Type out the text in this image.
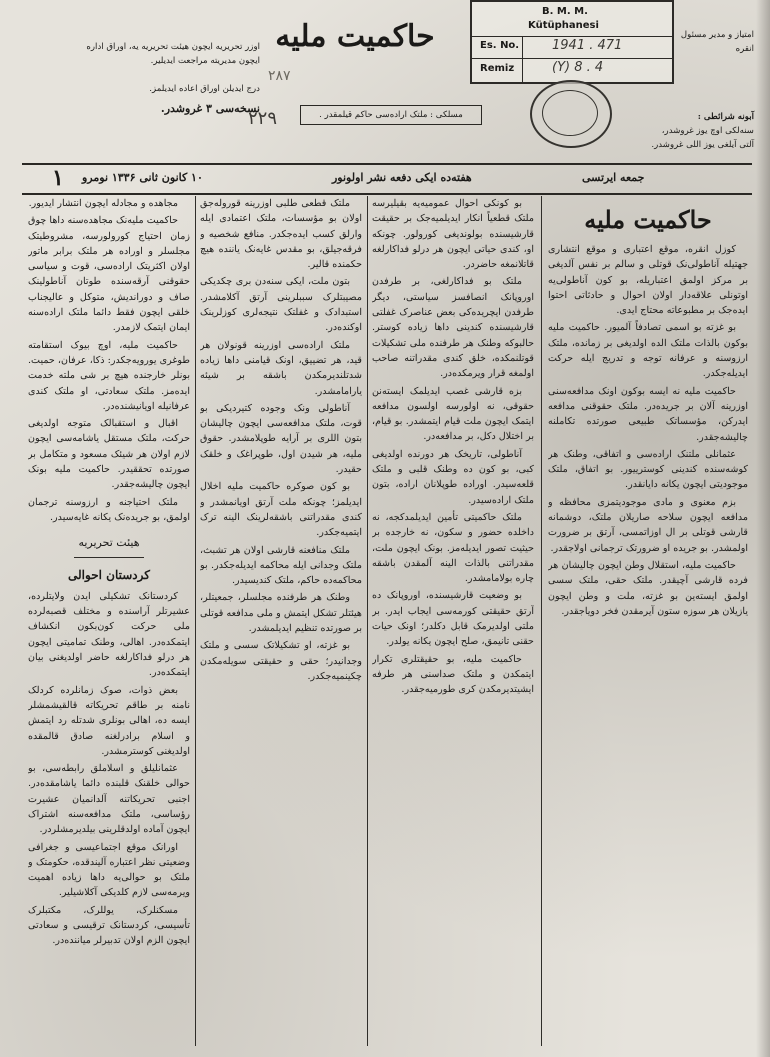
اوزر تحریریه ایچون هیئت تحریریه یه، اوراق اداره
ایچون مدیریته مراجعت ایدیلیر.
درج ایدیلن اوراق اعاده ایدیلمز.
نسخه‌سی ۳ غروشدر.
حاکمیت ملیه
٢٨٧
٢٢٩	مسلکی : ملتک اراده‌سی حاکم قیلمقدر .
امتیاز و مدیر مسئول
انقره
آبونه شرائطی :
سنه‌لکی اوچ یوز غروشدر،
آلتی آیلغی یوز اللی غروشدر.
B. M. M.
Kütüphanesi
Es. No.	1941 . 471
Remiz	(Y) 8 . 4
۱ ۱۰ کانون ثانی ۱۳۳۶ نومرو	هفته‌ده ایکی دفعه نشر اولونور	جمعه ایرتسی
حاکمیت ملیه

کوزل انقره، موقع اعتباری و موقع انتشاری جهتیله آناطولی‌نک قوتلی و سالم بر نفس آلدیغی بر مرکز اولمق اعتباریله، بو کون آناطولی‌یه اوتونلی علاقه‌دار اولان احوال و حادثاتی احتوا ایده‌جک بر مطبوعاته محتاج ایدی.

بو غزته بو اسمی تصادفاً آلمیور. حاکمیت ملیه بوکون بالذات ملتک الده اولدیغی بر زمانده، ملتک ارزوسنه و عرفانه توجه و تدریج ایله حرکت ایدیله‌جکدر.

حاکمیت ملیه نه ایسه بوکون اونک مدافعه‌سنی اوزرینه آلان بر جریده‌در. ملتک حقوقنی مدافعه ایدرکن، مؤسساتک طبیعی صورتده تکاملنه چالیشه‌جقدر.

عثمانلی ملتنک اراده‌سی و اتفاقی، وطنک هر کوشه‌سنده کندینی کوسترییور. بو اتفاق، ملتک موجودیتی ایچون یکانه دایانقدر.

بزم معنوی و مادی موجودیتمزی محافظه و مدافعه ایچون سلاحه صاریلان ملتک، دوشمانه قارشی قوتلی بر ال اوزاتمسی، آرتق بر ضرورت اولمشدر. بو جریده او ضرورتک ترجمانی اولاجقدر.

حاکمیت ملیه، استقلال وطن ایچون چالیشان هر فرده قارشی آچیقدر. ملتک حقی، ملتک سسی اولمق ایسته‌ین بو غزته، ملت و وطن ایچون یازیلان هر سوزه ستون آیرمقدن فخر دویاجقدر.

بو کونکی احوال عمومیه‌یه بقیلیرسه ملتک قطعیاً انکار ایدیلمیه‌جک بر حقیقت قارشیسنده بولوندیغی کورولور. چونکه او، کندی حیاتی ایچون هر درلو فداکارلغه قاتلانمغه حاضردر.

ملتک بو فداکارلغی، بر طرفدن اوروپانک انصافسز سیاستی، دیگر طرفدن ایچریده‌کی بعض عناصرک غفلتی قارشیسنده کندینی داها زیاده کوستر. حالبوکه وطنک هر طرفنده ملی تشکیلات قوتلنمکده، خلق کندی مقدراتنه صاحب اولمغه قرار ویرمکده‌در.

بزه قارشی غصب ایدیلمک ایسته‌نن حقوقی، نه اولورسه اولسون مدافعه ایتمک ایچون ملت قیام ایتمشدر. بو قیام، بر اختلال دکل، بر مدافعه‌در.

آناطولی، تاریخک هر دورنده اولدیغی کبی، بو کون ده وطنک قلبی و ملتک قلعه‌سیدر. اوراده طوپلانان اراده، بتون ملتک اراده‌سیدر.

ملتک حاکمیتی تأمین ایدیلمدکجه، نه داخلده حضور و سکون، نه خارجده بر حیثیت تصور ایدیله‌مز. بونک ایچون ملت، مقدراتنی بالذات الینه آلمقدن باشقه چاره بولامامشدر.

بو وضعیت قارشیسنده، اوروپانک ده آرتق حقیقتی کورمه‌سی ایجاب ایدر. بر ملتی اولدیرمک قابل دکلدر؛ اونک حیات حقنی تانیمق، صلح ایچون یکانه یولدر.

حاکمیت ملیه، بو حقیقتلری تکرار ایتمکدن و ملتک صداسنی هر طرفه ایشیتدیرمکدن کری طورمیه‌جقدر.

ملتک قطعی طلبی اوزرینه قوروله‌جق اولان بو مؤسسات، ملتک اعتمادی ایله وارلق کسب ایده‌جکدر. منافع شخصیه و فرقه‌جیلق، بو مقدس غایه‌نک یاننده هیچ حکمنده قالیر.

بتون ملت، ایکی سنه‌دن بری چکدیکی مصیبتلرک سببلرینی آرتق آکلامشدر. استبدادک و غفلتک نتیجه‌لری کوزلرینک اوکنده‌در.

ملتک اراده‌سی اوزرینه قونولان هر قید، هر تضییق، اونک قیامنی داها زیاده شدتلندیرمکدن باشقه بر شیئه یارامامشدر.

آناطولی ونک وجوده کتیردیکی بو قوت، ملتک مدافعه‌سی ایچون چالیشان بتون اللری بر آرایه طوپلامشدر. حقوق ملیه، هر شیدن اول، طوپراغک و خلقک حقیدر.

بو کون صوکره حاکمیت ملیه اخلال ایدیلمز؛ چونکه ملت آرتق اویانمشدر و کندی مقدراتنی باشقه‌لرینک الینه ترک ایتمیه‌جکدر.

ملتک منافعنه قارشی اولان هر تشبث، ملتک وجدانی ایله محاکمه ایدیله‌جکدر. بو محاکمه‌ده حاکم، ملتک کندیسیدر.

وطنک هر طرفنده مجلسلر، جمعیتلر، هیئتلر تشکل ایتمش و ملی مدافعه قوتلی بر صورتده تنظیم ایدیلمشدر.

بو غزته، او تشکیلاتک سسی و ملتک وجدانیدر؛ حقی و حقیقتی سویله‌مکدن چکینمیه‌جکدر.

مجاهده و مجادله ایچون انتشار ایدیور.

حاکمیت ملیه‌نک مجاهده‌سنه داها چوق زمان احتیاج کورولورسه، مشروطیتک مجلسلر و اوراده هر ملتک برابر ماتور اولان اکثریتک اراده‌سی، قوت و سیاسی حقوقنی آرقه‌سنده طوتان آناطولینک صاف و دوراندیش، متوکل و عالیجناب خلقی ایچون فقط دائما ملتک اراده‌سنه ایمان ایتمک لازمدر.

حاکمیت ملیه، اوچ بیوک استقامته طوغری یورویه‌جکدر: ذکا، عرفان، حمیت. بونلر خارجنده هیچ بر شی ملته خدمت ایده‌مز. ملتک سعادتی، او ملتک کندی عرفانیله اویانیشنده‌در.

اقبال و استقبالک متوجه اولدیغی حرکت، ملتک مستقل یاشامه‌سی ایچون لازم اولان هر شیئک مسعود و متکامل بر صورتده تحققیدر. حاکمیت ملیه بونک ایچون چالیشه‌جقدر.

ملتک احتیاجنه و ارزوسنه ترجمان اولمق، بو جریده‌نک یکانه غایه‌سیدر.

هیئت تحریریه
کردستان احوالی

کردستانک تشکیلی ایدن ولایتلرده، عشیرتلر آراسنده و مختلف قصبه‌لرده ملی حرکت کون‌بکون انکشاف ایتمکده‌در. اهالی، وطنک تمامیتی ایچون هر درلو فداکارلغه حاضر اولدیغنی بیان ایتمکده‌در.

بعض ذوات، صوک زمانلرده کردلک نامنه بر طاقم تحریکاته قالقیشمشلر ایسه ده، اهالی بونلری شدتله رد ایتمش و اسلام برادرلغنه صادق قالمقده اولدیغنی کوسترمشدر.

عثمانلیلق و اسلاملق رابطه‌سی، بو حوالی خلقنک قلبنده دائما یاشامقده‌در. اجنبی تحریکاتنه آلدانمیان عشیرت رؤساسی، ملتک مدافعه‌سنه اشتراک ایچون آماده اولدقلرینی بیلدیرمشلردر.

اورانک موقع اجتماعیسی و جغرافی وضعیتی نظر اعتباره آلیندقده، حکومتک و ملتک بو حوالی‌یه داها زیاده اهمیت ویرمه‌سی لازم کلدیکی آکلاشیلیر.

مسکنلرک، یوللرک، مکتبلرک تأسیسی، کردستانک ترقیسی و سعادتی ایچون الزم اولان تدبیرلر میاننده‌در.
